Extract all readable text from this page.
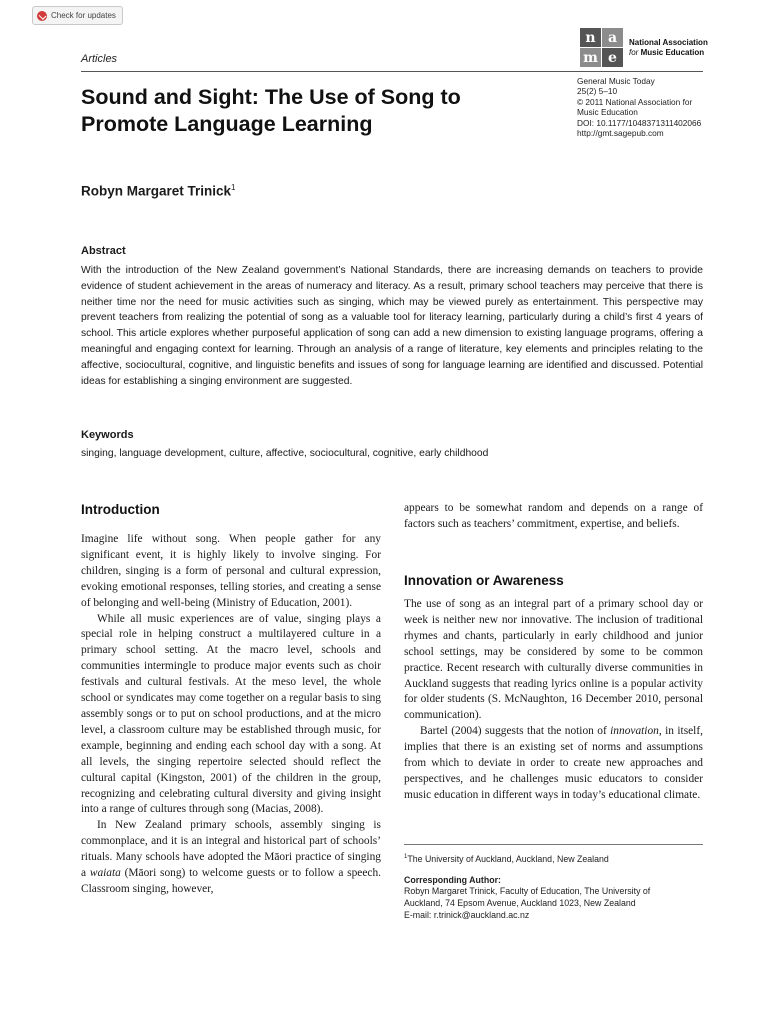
Check for updates
Articles
n a
m e
National Association
for Music Education
General Music Today
25(2) 5–10
© 2011 National Association for
Music Education
DOI: 10.1177/1048371311402066
http://gmt.sagepub.com
Sound and Sight: The Use of Song to Promote Language Learning
Robyn Margaret Trinick$^1$
Abstract

With the introduction of the New Zealand government’s National Standards, there are increasing demands on teachers to provide evidence of student achievement in the areas of numeracy and literacy. As a result, primary school teachers may perceive that there is neither time nor the need for music activities such as singing, which may be viewed purely as entertainment. This perspective may prevent teachers from realizing the potential of song as a valuable tool for literacy learning, particularly during a child’s first 4 years of school. This article explores whether purposeful application of song can add a new dimension to existing language programs, offering a meaningful and engaging context for learning. Through an analysis of a range of literature, key elements and principles relating to the affective, sociocultural, cognitive, and linguistic benefits and issues of song for language learning are identified and discussed. Potential ideas for establishing a singing environment are suggested.

Keywords
singing, language development, culture, affective, sociocultural, cognitive, early childhood
Introduction

Imagine life without song. When people gather for any significant event, it is highly likely to involve singing. For children, singing is a form of personal and cultural expression, evoking emotional responses, telling stories, and creating a sense of belonging and well-being (Ministry of Education, 2001).

While all music experiences are of value, singing plays a special role in helping construct a multilayered culture in a primary school setting. At the macro level, schools and communities intermingle to produce major events such as choir festivals and cultural festivals. At the meso level, the whole school or syndicates may come together on a regular basis to sing assembly songs or to put on school productions, and at the micro level, a classroom culture may be established through music, for example, beginning and ending each school day with a song. At all levels, the singing repertoire selected should reflect the cultural capital (Kingston, 2001) of the children in the group, recognizing and celebrating cultural diversity and giving insight into a range of cultures through song (Macias, 2008).

In New Zealand primary schools, assembly singing is commonplace, and it is an integral and historical part of schools’ rituals. Many schools have adopted the Māori practice of singing a waiata (Māori song) to welcome guests or to follow a speech. Classroom singing, however,

appears to be somewhat random and depends on a range of factors such as teachers’ commitment, expertise, and beliefs.

Innovation or Awareness

The use of song as an integral part of a primary school day or week is neither new nor innovative. The inclusion of traditional rhymes and chants, particularly in early childhood and junior school settings, may be considered by some to be common practice. Recent research with culturally diverse communities in Auckland suggests that reading lyrics online is a popular activity for older students (S. McNaughton, 16 December 2010, personal communication).

Bartel (2004) suggests that the notion of innovation, in itself, implies that there is an existing set of norms and assumptions from which to deviate in order to create new approaches and perspectives, and he challenges music educators to consider music education in different ways in today’s educational climate.

$^1$The University of Auckland, Auckland, New Zealand
Corresponding Author:
Robyn Margaret Trinick, Faculty of Education, The University of
Auckland, 74 Epsom Avenue, Auckland 1023, New Zealand
E-mail: r.trinick@auckland.ac.nz
